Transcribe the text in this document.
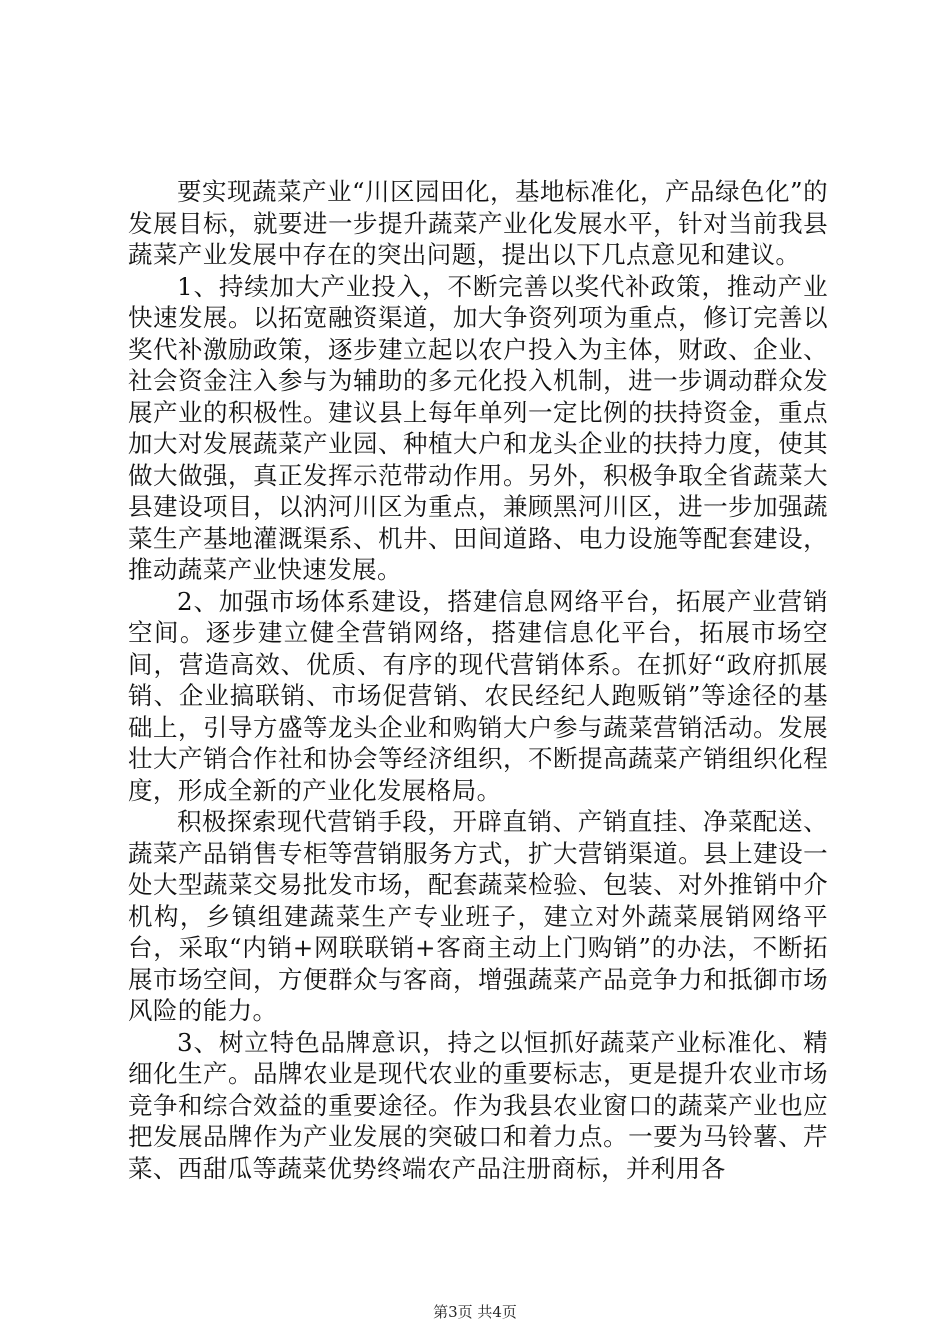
要实现蔬菜产业“川区园田化，基地标准化，产品绿色化”的发展目标，就要进一步提升蔬菜产业化发展水平，针对当前我县蔬菜产业发展中存在的突出问题，提出以下几点意见和建议。

1、持续加大产业投入，不断完善以奖代补政策，推动产业快速发展。以拓宽融资渠道，加大争资列项为重点，修订完善以奖代补激励政策，逐步建立起以农户投入为主体，财政、企业、社会资金注入参与为辅助的多元化投入机制，进一步调动群众发展产业的积极性。建议县上每年单列一定比例的扶持资金，重点加大对发展蔬菜产业园、种植大户和龙头企业的扶持力度，使其做大做强，真正发挥示范带动作用。另外，积极争取全省蔬菜大县建设项目，以汭河川区为重点，兼顾黑河川区，进一步加强蔬菜生产基地灌溉渠系、机井、田间道路、电力设施等配套建设，推动蔬菜产业快速发展。

2、加强市场体系建设，搭建信息网络平台，拓展产业营销空间。逐步建立健全营销网络，搭建信息化平台，拓展市场空间，营造高效、优质、有序的现代营销体系。在抓好“政府抓展销、企业搞联销、市场促营销、农民经纪人跑贩销”等途径的基础上，引导方盛等龙头企业和购销大户参与蔬菜营销活动。发展壮大产销合作社和协会等经济组织，不断提高蔬菜产销组织化程度，形成全新的产业化发展格局。

积极探索现代营销手段，开辟直销、产销直挂、净菜配送、蔬菜产品销售专柜等营销服务方式，扩大营销渠道。县上建设一处大型蔬菜交易批发市场，配套蔬菜检验、包装、对外推销中介机构，乡镇组建蔬菜生产专业班子，建立对外蔬菜展销网络平台，采取“内销+网联联销+客商主动上门购销”的办法，不断拓展市场空间，方便群众与客商，增强蔬菜产品竞争力和抵御市场风险的能力。

3、树立特色品牌意识，持之以恒抓好蔬菜产业标准化、精细化生产。品牌农业是现代农业的重要标志，更是提升农业市场竞争和综合效益的重要途径。作为我县农业窗口的蔬菜产业也应把发展品牌作为产业发展的突破口和着力点。一要为马铃薯、芹菜、西甜瓜等蔬菜优势终端农产品注册商标，并利用各

第3页 共4页
